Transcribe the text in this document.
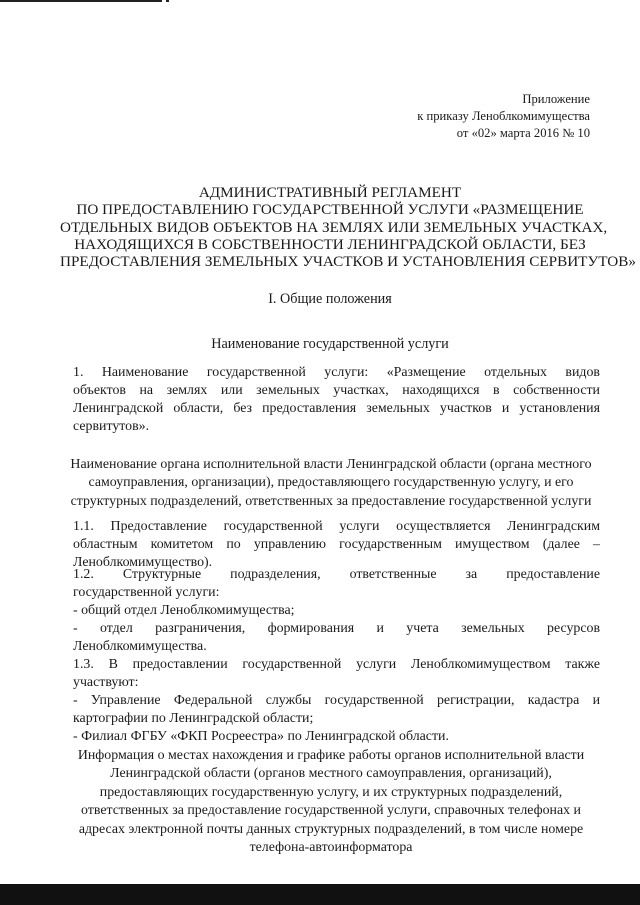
Приложение
к приказу Леноблкомимущества
от «02» марта 2016 № 10
АДМИНИСТРАТИВНЫЙ РЕГЛАМЕНТ
ПО ПРЕДОСТАВЛЕНИЮ ГОСУДАРСТВЕННОЙ УСЛУГИ «РАЗМЕЩЕНИЕ
ОТДЕЛЬНЫХ ВИДОВ ОБЪЕКТОВ НА ЗЕМЛЯХ ИЛИ ЗЕМЕЛЬНЫХ УЧАСТКАХ,
НАХОДЯЩИХСЯ В СОБСТВЕННОСТИ ЛЕНИНГРАДСКОЙ ОБЛАСТИ, БЕЗ
ПРЕДОСТАВЛЕНИЯ ЗЕМЕЛЬНЫХ УЧАСТКОВ И УСТАНОВЛЕНИЯ СЕРВИТУТОВ»
I. Общие положения
Наименование государственной услуги
1. Наименование государственной услуги: «Размещение отдельных видов
объектов на землях или земельных участках, находящихся в собственности
Ленинградской области, без предоставления земельных участков и установления
сервитутов».
Наименование органа исполнительной власти Ленинградской области (органа местного
самоуправления, организации), предоставляющего государственную услугу, и его
структурных подразделений, ответственных за предоставление государственной услуги
1.1. Предоставление государственной услуги осуществляется Ленинградским
областным комитетом по управлению государственным имуществом (далее –
Леноблкомимущество).
1.2. Структурные подразделения, ответственные за предоставление
государственной услуги:
- общий отдел Леноблкомимущества;
- отдел разграничения, формирования и учета земельных ресурсов
Леноблкомимущества.
1.3. В предоставлении государственной услуги Леноблкомимуществом также
участвуют:
- Управление Федеральной службы государственной регистрации, кадастра и
картографии по Ленинградской области;
- Филиал ФГБУ «ФКП Росреестра» по Ленинградской области.
Информация о местах нахождения и графике работы органов исполнительной власти
Ленинградской области (органов местного самоуправления, организаций),
предоставляющих государственную услугу, и их структурных подразделений,
ответственных за предоставление государственной услуги, справочных телефонах и
адресах электронной почты данных структурных подразделений, в том числе номере
телефона-автоинформатора
